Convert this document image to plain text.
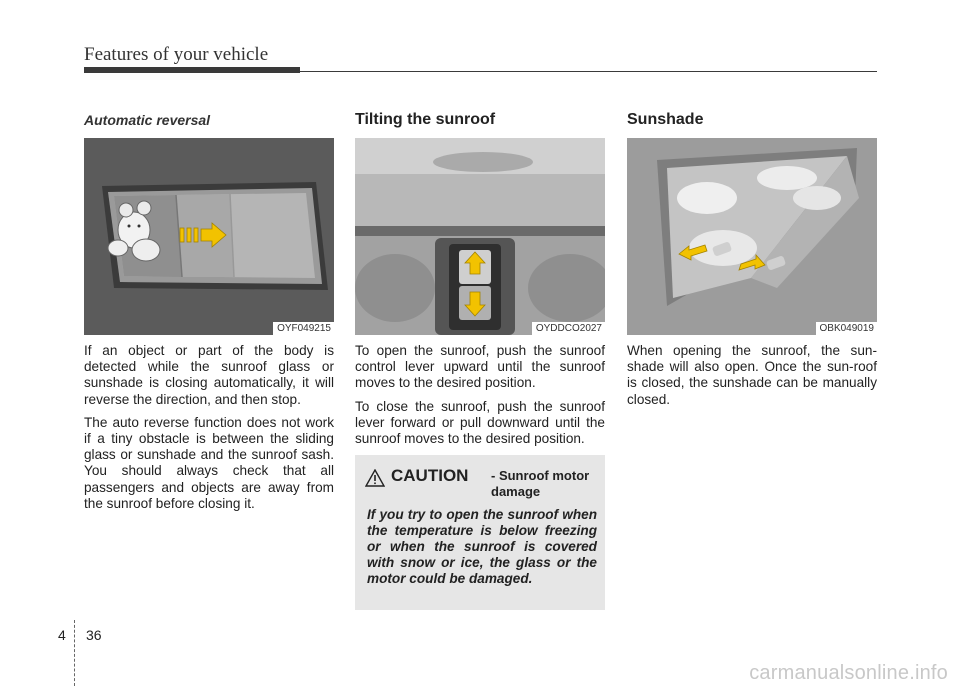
Features of your vehicle
Automatic reversal
OYF049215

If an object or part of the body is detected while the sunroof glass or sunshade is closing automatically, it will reverse the direction, and then stop.

The auto reverse function does not work if a tiny obstacle is between the sliding glass or sunshade and the sunroof sash. You should always check that all passengers and objects are away from the sunroof before closing it.

Tilting the sunroof
OYDDCO2027

To open the sunroof, push the sunroof control lever upward until the sunroof moves to the desired position.

To close the sunroof, push the sunroof lever forward or pull downward until the sunroof moves to the desired position.

Sunshade
OBK049019

When opening the sunroof, the sun-shade will also open. Once the sun-roof is closed, the sunshade can be manually closed.

CAUTION - Sunroof motor damage
If you try to open the sunroof when the temperature is below freezing or when the sunroof is covered with snow or ice, the glass or the motor could be damaged.
4 36
carmanualsonline.info
